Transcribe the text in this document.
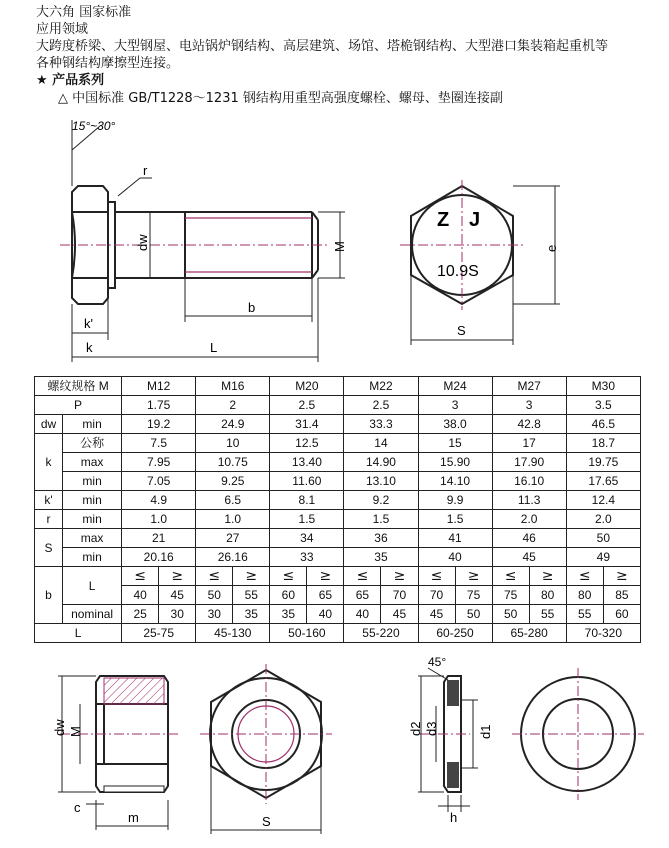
大六角 国家标准
应用领域
大跨度桥梁、大型钢屋、电站锅炉钢结构、高层建筑、场馆、塔桅钢结构、大型港口集装箱起重机等
各种钢结构摩擦型连接。
★ 产品系列
△ 中国标准 GB/T1228～1231 钢结构用重型高强度螺栓、螺母、垫圈连接副
15°~30°
r
dw	M
b
k'
k	L
Z J
10.9S
e
S
螺纹规格 M		M12		M16		M20		M22		M24		M27		M30	
P		1.75		2		2.5		2.5		3		3		3.5	
dw	min	19.2		24.9		31.4		33.3		38.0		42.8		46.5	
k	公称	7.5		10		12.5		14		15		17		18.7	
	max	7.95		10.75		13.40		14.90		15.90		17.90		19.75	
	min	7.05		9.25		11.60		13.10		14.10		16.10		17.65	
k'	min	4.9		6.5		8.1		9.2		9.9		11.3		12.4	
r	min	1.0		1.0		1.5		1.5		1.5		2.0		2.0	
S	max	21		27		34		36		41		46		50	
	min	20.16		26.16		33		35		40		45		49	
b	L	≤	≥	≤	≥	≤	≥	≤	≥	≤	≥	≤	≥	≤	≥
		40	45	50	55	60	65	65	70	70	75	75	80	80	85
	nominal	25	30	30	35	35	40	40	45	45	50	50	55	55	60
L		25-75		45-130		50-160		55-220		60-250		65-280		70-320	
dw M
c
m	S
45°
d2 d3	d1
h
